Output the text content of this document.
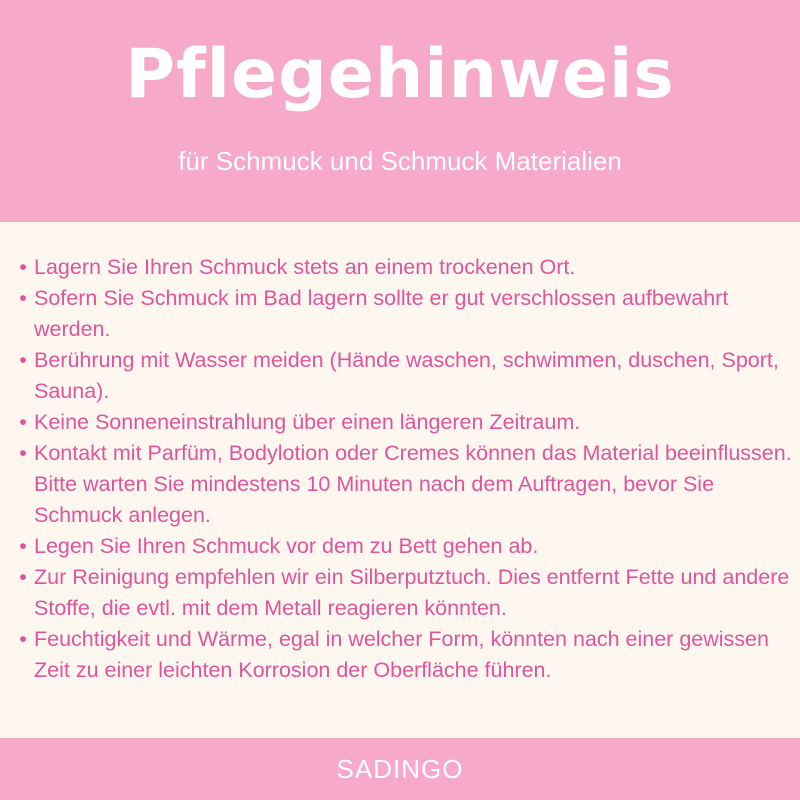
Pflegehinweis
für Schmuck und Schmuck Materialien
• Lagern Sie Ihren Schmuck stets an einem trockenen Ort.
• Sofern Sie Schmuck im Bad lagern sollte er gut verschlossen aufbewahrt werden.
• Berührung mit Wasser meiden (Hände waschen, schwimmen, duschen, Sport, Sauna).
• Keine Sonneneinstrahlung über einen längeren Zeitraum.
• Kontakt mit Parfüm, Bodylotion oder Cremes können das Material beeinflussen. Bitte warten Sie mindestens 10 Minuten nach dem Auftragen, bevor Sie Schmuck anlegen.
• Legen Sie Ihren Schmuck vor dem zu Bett gehen ab.
• Zur Reinigung empfehlen wir ein Silberputztuch. Dies entfernt Fette und andere Stoffe, die evtl. mit dem Metall reagieren könnten.
• Feuchtigkeit und Wärme, egal in welcher Form, könnten nach einer gewissen Zeit zu einer leichten Korrosion der Oberfläche führen.
SADINGO
